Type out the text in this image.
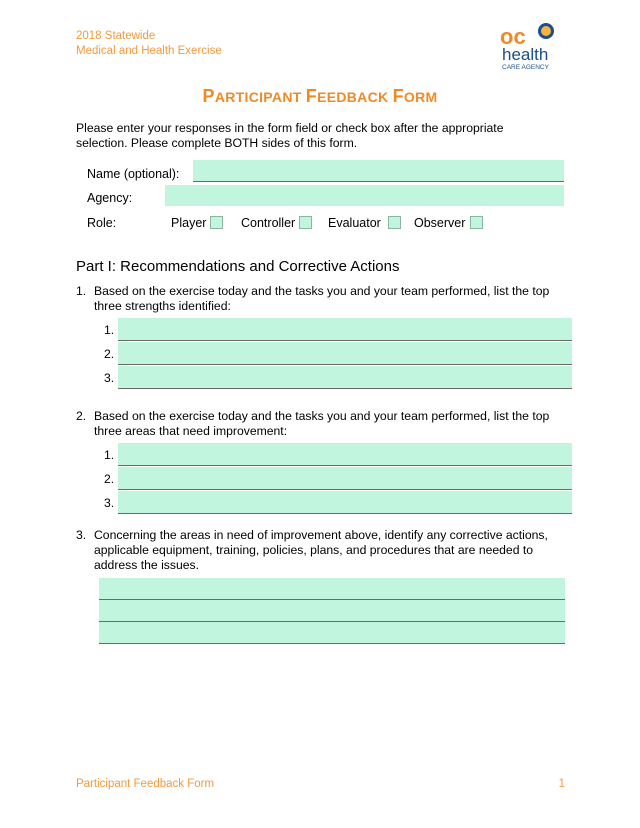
2018 Statewide
Medical and Health Exercise
oc
health
CARE AGENCY
PARTICIPANT FEEDBACK FORM
Please enter your responses in the form field or check box after the appropriate selection. Please complete BOTH sides of this form.
Name (optional):
Agency:
Role:	Player	Controller	Evaluator	Observer
Part I: Recommendations and Corrective Actions
1. Based on the exercise today and the tasks you and your team performed, list the top three strengths identified:
1.
2.
3.
2. Based on the exercise today and the tasks you and your team performed, list the top three areas that need improvement:
1.
2.
3.
3. Concerning the areas in need of improvement above, identify any corrective actions, applicable equipment, training, policies, plans, and procedures that are needed to address the issues.
Participant Feedback Form	1
